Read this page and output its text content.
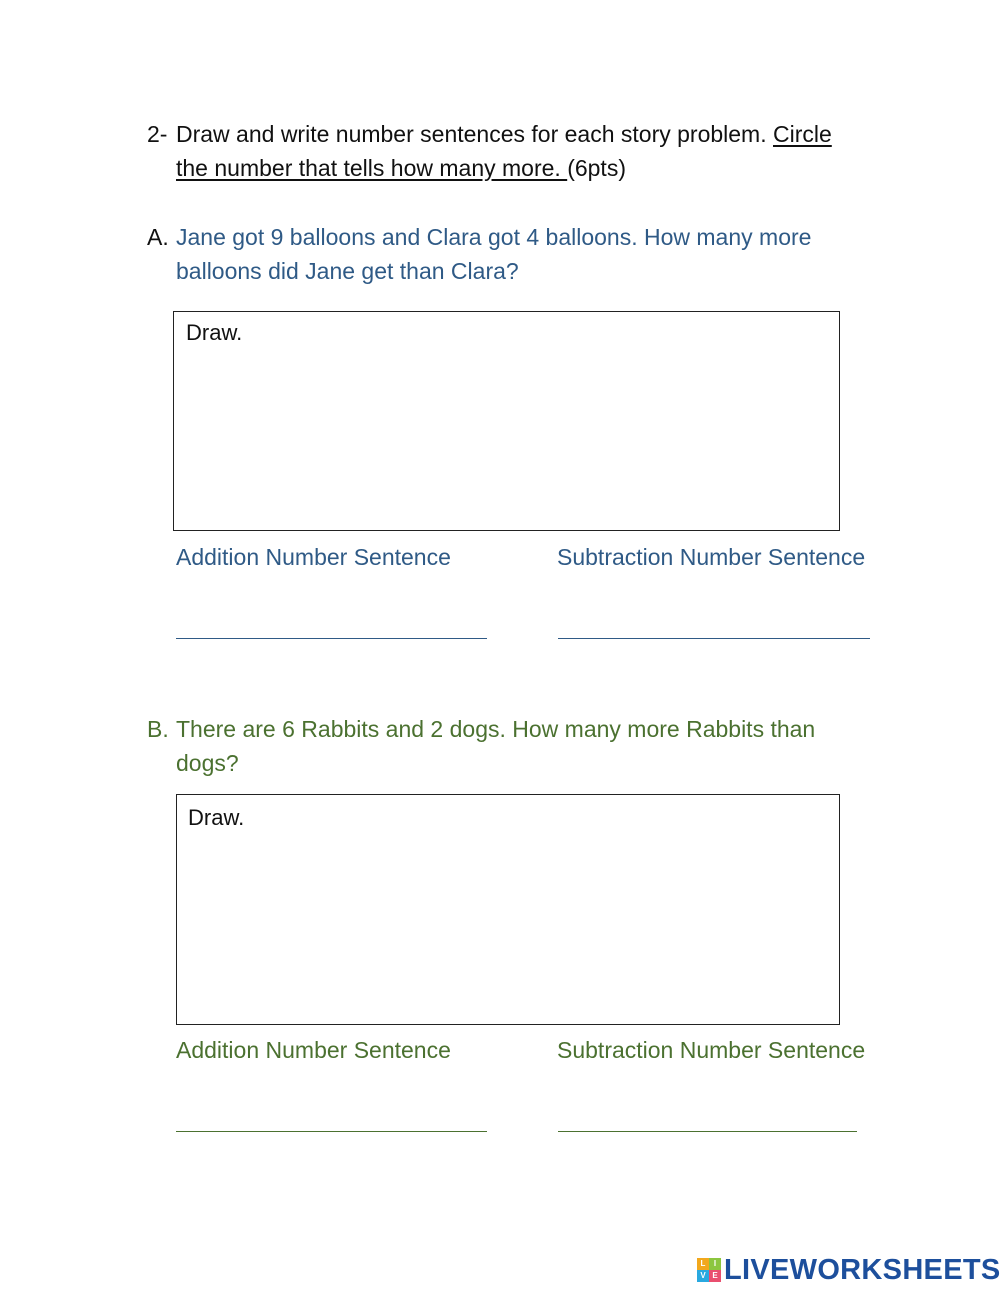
2- Draw and write number sentences for each story problem. Circle
the number that tells how many more. (6pts)
A. Jane got 9 balloons and Clara got 4 balloons. How many more
balloons did Jane get than Clara?
Draw.
Addition Number Sentence	Subtraction Number Sentence
B. There are 6 Rabbits and 2 dogs. How many more Rabbits than
dogs?
Draw.
Addition Number Sentence	Subtraction Number Sentence
L	I
V E LIVEWORKSHEETS
